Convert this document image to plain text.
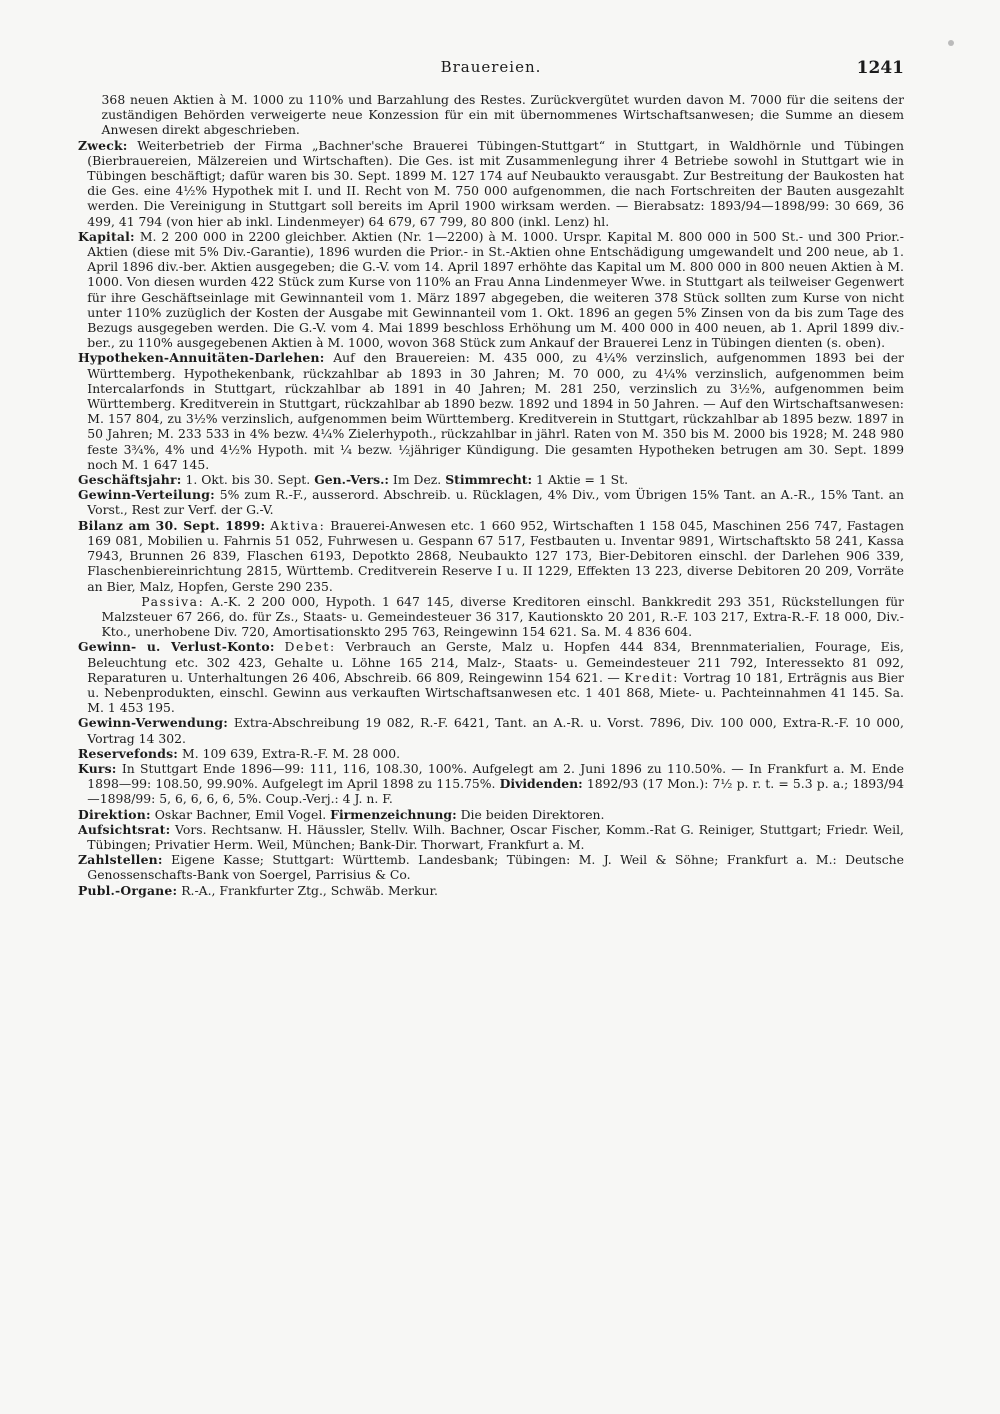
Brauereien.	1241

368 neuen Aktien à M. 1000 zu 110% und Barzahlung des Restes. Zurückvergütet wurden davon M. 7000 für die seitens der zuständigen Behörden verweigerte neue Konzession für ein mit übernommenes Wirtschaftsanwesen; die Summe an diesem Anwesen direkt abgeschrieben.

Zweck: Weiterbetrieb der Firma „Bachner'sche Brauerei Tübingen-Stuttgart“ in Stuttgart, in Waldhörnle und Tübingen (Bierbrauereien, Mälzereien und Wirtschaften). Die Ges. ist mit Zusammenlegung ihrer 4 Betriebe sowohl in Stuttgart wie in Tübingen beschäftigt; dafür waren bis 30. Sept. 1899 M. 127 174 auf Neubaukto verausgabt. Zur Bestreitung der Baukosten hat die Ges. eine 4½% Hypothek mit I. und II. Recht von M. 750 000 aufgenommen, die nach Fortschreiten der Bauten ausgezahlt werden. Die Vereinigung in Stuttgart soll bereits im April 1900 wirksam werden. — Bierabsatz: 1893/94—1898/99: 30 669, 36 499, 41 794 (von hier ab inkl. Lindenmeyer) 64 679, 67 799, 80 800 (inkl. Lenz) hl.

Kapital: M. 2 200 000 in 2200 gleichber. Aktien (Nr. 1—2200) à M. 1000. Urspr. Kapital M. 800 000 in 500 St.- und 300 Prior.-Aktien (diese mit 5% Div.-Garantie), 1896 wurden die Prior.- in St.-Aktien ohne Entschädigung umgewandelt und 200 neue, ab 1. April 1896 div.-ber. Aktien ausgegeben; die G.-V. vom 14. April 1897 erhöhte das Kapital um M. 800 000 in 800 neuen Aktien à M. 1000. Von diesen wurden 422 Stück zum Kurse von 110% an Frau Anna Lindenmeyer Wwe. in Stuttgart als teilweiser Gegenwert für ihre Geschäftseinlage mit Gewinnanteil vom 1. März 1897 abgegeben, die weiteren 378 Stück sollten zum Kurse von nicht unter 110% zuzüglich der Kosten der Ausgabe mit Gewinnanteil vom 1. Okt. 1896 an gegen 5% Zinsen von da bis zum Tage des Bezugs ausgegeben werden. Die G.-V. vom 4. Mai 1899 beschloss Erhöhung um M. 400 000 in 400 neuen, ab 1. April 1899 div.-ber., zu 110% ausgegebenen Aktien à M. 1000, wovon 368 Stück zum Ankauf der Brauerei Lenz in Tübingen dienten (s. oben).

Hypotheken-Annuitäten-Darlehen: Auf den Brauereien: M. 435 000, zu 4¼% verzinslich, aufgenommen 1893 bei der Württemberg. Hypothekenbank, rückzahlbar ab 1893 in 30 Jahren; M. 70 000, zu 4¼% verzinslich, aufgenommen beim Intercalarfonds in Stuttgart, rückzahlbar ab 1891 in 40 Jahren; M. 281 250, verzinslich zu 3½%, aufgenommen beim Württemberg. Kreditverein in Stuttgart, rückzahlbar ab 1890 bezw. 1892 und 1894 in 50 Jahren. — Auf den Wirtschaftsanwesen: M. 157 804, zu 3½% verzinslich, aufgenommen beim Württemberg. Kreditverein in Stuttgart, rückzahlbar ab 1895 bezw. 1897 in 50 Jahren; M. 233 533 in 4% bezw. 4¼% Zielerhypoth., rückzahlbar in jährl. Raten von M. 350 bis M. 2000 bis 1928; M. 248 980 feste 3¾%, 4% und 4½% Hypoth. mit ¼ bezw. ½jähriger Kündigung. Die gesamten Hypotheken betrugen am 30. Sept. 1899 noch M. 1 647 145.

Geschäftsjahr: 1. Okt. bis 30. Sept. Gen.-Vers.: Im Dez. Stimmrecht: 1 Aktie = 1 St.

Gewinn-Verteilung: 5% zum R.-F., ausserord. Abschreib. u. Rücklagen, 4% Div., vom Übrigen 15% Tant. an A.-R., 15% Tant. an Vorst., Rest zur Verf. der G.-V.

Bilanz am 30. Sept. 1899: Aktiva: Brauerei-Anwesen etc. 1 660 952, Wirtschaften 1 158 045, Maschinen 256 747, Fastagen 169 081, Mobilien u. Fahrnis 51 052, Fuhrwesen u. Gespann 67 517, Festbauten u. Inventar 9891, Wirtschaftskto 58 241, Kassa 7943, Brunnen 26 839, Flaschen 6193, Depotkto 2868, Neubaukto 127 173, Bier-Debitoren einschl. der Darlehen 906 339, Flaschenbiereinrichtung 2815, Württemb. Creditverein Reserve I u. II 1229, Effekten 13 223, diverse Debitoren 20 209, Vorräte an Bier, Malz, Hopfen, Gerste 290 235.

Passiva: A.-K. 2 200 000, Hypoth. 1 647 145, diverse Kreditoren einschl. Bankkredit 293 351, Rückstellungen für Malzsteuer 67 266, do. für Zs., Staats- u. Gemeindesteuer 36 317, Kautionskto 20 201, R.-F. 103 217, Extra-R.-F. 18 000, Div.-Kto., unerhobene Div. 720, Amortisationskto 295 763, Reingewinn 154 621. Sa. M. 4 836 604.

Gewinn- u. Verlust-Konto: Debet: Verbrauch an Gerste, Malz u. Hopfen 444 834, Brennmaterialien, Fourage, Eis, Beleuchtung etc. 302 423, Gehalte u. Löhne 165 214, Malz-, Staats- u. Gemeindesteuer 211 792, Interessekto 81 092, Reparaturen u. Unterhaltungen 26 406, Abschreib. 66 809, Reingewinn 154 621. — Kredit: Vortrag 10 181, Erträgnis aus Bier u. Nebenprodukten, einschl. Gewinn aus verkauften Wirtschaftsanwesen etc. 1 401 868, Miete- u. Pachteinnahmen 41 145. Sa. M. 1 453 195.

Gewinn-Verwendung: Extra-Abschreibung 19 082, R.-F. 6421, Tant. an A.-R. u. Vorst. 7896, Div. 100 000, Extra-R.-F. 10 000, Vortrag 14 302.

Reservefonds: M. 109 639, Extra-R.-F. M. 28 000.

Kurs: In Stuttgart Ende 1896—99: 111, 116, 108.30, 100%. Aufgelegt am 2. Juni 1896 zu 110.50%. — In Frankfurt a. M. Ende 1898—99: 108.50, 99.90%. Aufgelegt im April 1898 zu 115.75%. Dividenden: 1892/93 (17 Mon.): 7½ p. r. t. = 5.3 p. a.; 1893/94—1898/99: 5, 6, 6, 6, 6, 5%. Coup.-Verj.: 4 J. n. F.

Direktion: Oskar Bachner, Emil Vogel. Firmenzeichnung: Die beiden Direktoren.

Aufsichtsrat: Vors. Rechtsanw. H. Häussler, Stellv. Wilh. Bachner, Oscar Fischer, Komm.-Rat G. Reiniger, Stuttgart; Friedr. Weil, Tübingen; Privatier Herm. Weil, München; Bank-Dir. Thorwart, Frankfurt a. M.

Zahlstellen: Eigene Kasse; Stuttgart: Württemb. Landesbank; Tübingen: M. J. Weil & Söhne; Frankfurt a. M.: Deutsche Genossenschafts-Bank von Soergel, Parrisius & Co.

Publ.-Organe: R.-A., Frankfurter Ztg., Schwäb. Merkur.
